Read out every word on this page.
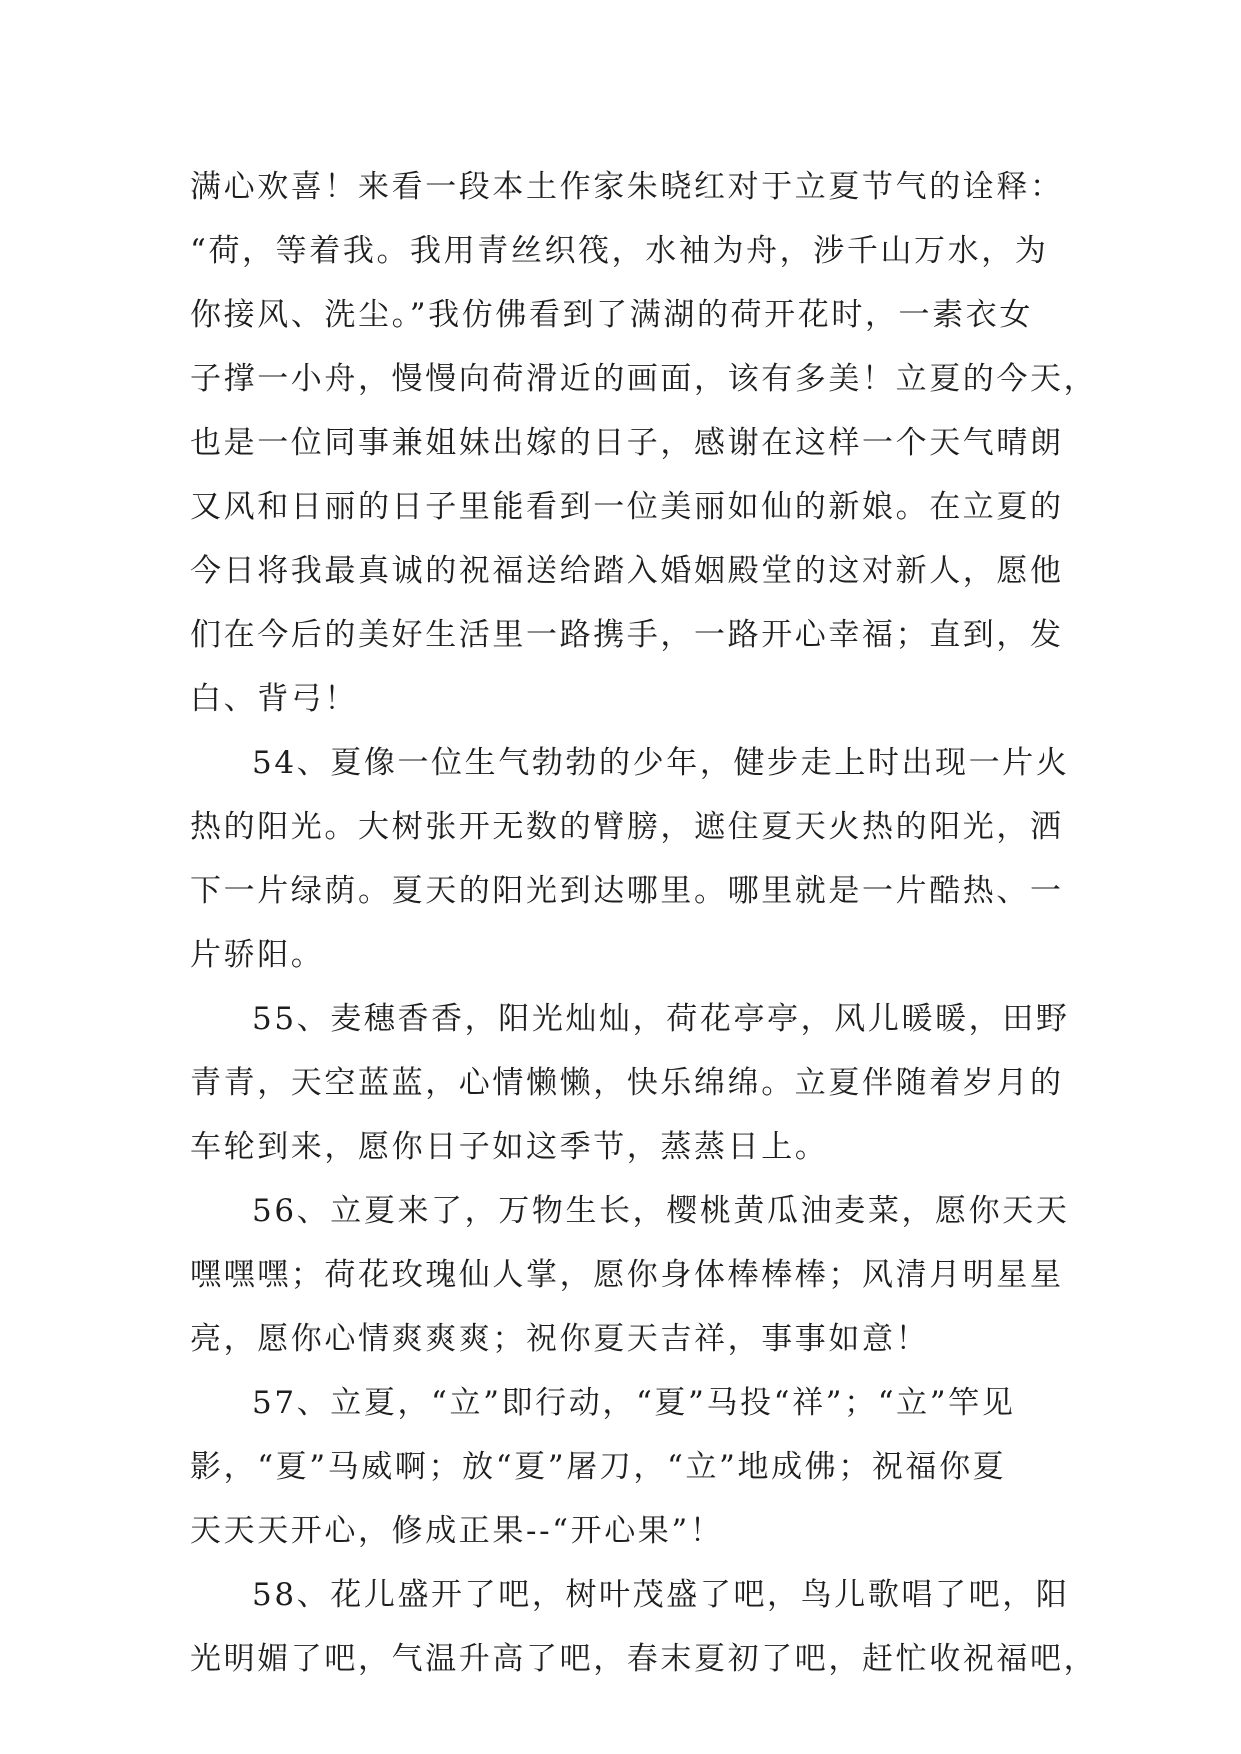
满心欢喜！来看一段本土作家朱晓红对于立夏节气的诠释：
“荷，等着我。我用青丝织筏，水袖为舟，涉千山万水，为
你接风、洗尘。”我仿佛看到了满湖的荷开花时，一素衣女
子撑一小舟，慢慢向荷滑近的画面，该有多美！立夏的今天，
也是一位同事兼姐妹出嫁的日子，感谢在这样一个天气晴朗
又风和日丽的日子里能看到一位美丽如仙的新娘。在立夏的
今日将我最真诚的祝福送给踏入婚姻殿堂的这对新人，愿他
们在今后的美好生活里一路携手，一路开心幸福；直到，发
白、背弓！
54、夏像一位生气勃勃的少年，健步走上时出现一片火
热的阳光。大树张开无数的臂膀，遮住夏天火热的阳光，洒
下一片绿荫。夏天的阳光到达哪里。哪里就是一片酷热、一
片骄阳。
55、麦穗香香，阳光灿灿，荷花亭亭，风儿暖暖，田野
青青，天空蓝蓝，心情懒懒，快乐绵绵。立夏伴随着岁月的
车轮到来，愿你日子如这季节，蒸蒸日上。
56、立夏来了，万物生长，樱桃黄瓜油麦菜，愿你天天
嘿嘿嘿；荷花玫瑰仙人掌，愿你身体棒棒棒；风清月明星星
亮，愿你心情爽爽爽；祝你夏天吉祥，事事如意！
57、立夏，“立”即行动，“夏”马投“祥”；“立”竿见
影，“夏”马威啊；放“夏”屠刀，“立”地成佛；祝福你夏
天天天开心，修成正果--“开心果”！
58、花儿盛开了吧，树叶茂盛了吧，鸟儿歌唱了吧，阳
光明媚了吧，气温升高了吧，春末夏初了吧，赶忙收祝福吧，
